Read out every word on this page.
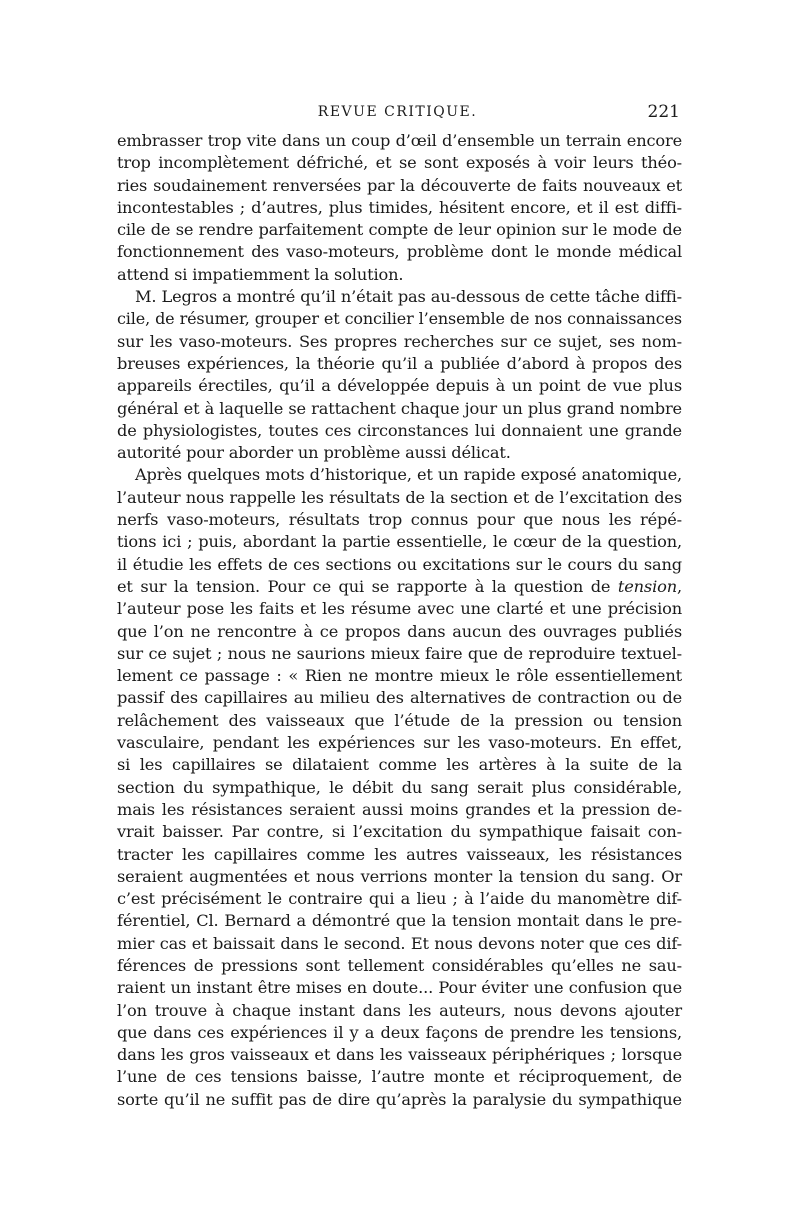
REVUE CRITIQUE.	221
embrasser trop vite dans un coup d’œil d’ensemble un terrain encore
trop incomplètement défriché, et se sont exposés à voir leurs théo-
ries soudainement renversées par la découverte de faits nouveaux et
incontestables ; d’autres, plus timides, hésitent encore, et il est diffi-
cile de se rendre parfaitement compte de leur opinion sur le mode de
fonctionnement des vaso-moteurs, problème dont le monde médical
attend si impatiemment la solution.
M. Legros a montré qu’il n’était pas au-dessous de cette tâche diffi-
cile, de résumer, grouper et concilier l’ensemble de nos connaissances
sur les vaso-moteurs. Ses propres recherches sur ce sujet, ses nom-
breuses expériences, la théorie qu’il a publiée d’abord à propos des
appareils érectiles, qu’il a développée depuis à un point de vue plus
général et à laquelle se rattachent chaque jour un plus grand nombre
de physiologistes, toutes ces circonstances lui donnaient une grande
autorité pour aborder un problème aussi délicat.
Après quelques mots d’historique, et un rapide exposé anatomique,
l’auteur nous rappelle les résultats de la section et de l’excitation des
nerfs vaso-moteurs, résultats trop connus pour que nous les répé-
tions ici ; puis, abordant la partie essentielle, le cœur de la question,
il étudie les effets de ces sections ou excitations sur le cours du sang
et sur la tension. Pour ce qui se rapporte à la question de tension,
l’auteur pose les faits et les résume avec une clarté et une précision
que l’on ne rencontre à ce propos dans aucun des ouvrages publiés
sur ce sujet ; nous ne saurions mieux faire que de reproduire textuel-
lement ce passage : « Rien ne montre mieux le rôle essentiellement
passif des capillaires au milieu des alternatives de contraction ou de
relâchement des vaisseaux que l’étude de la pression ou tension
vasculaire, pendant les expériences sur les vaso-moteurs. En effet,
si les capillaires se dilataient comme les artères à la suite de la
section du sympathique, le débit du sang serait plus considérable,
mais les résistances seraient aussi moins grandes et la pression de-
vrait baisser. Par contre, si l’excitation du sympathique faisait con-
tracter les capillaires comme les autres vaisseaux, les résistances
seraient augmentées et nous verrions monter la tension du sang. Or
c’est précisément le contraire qui a lieu ; à l’aide du manomètre dif-
férentiel, Cl. Bernard a démontré que la tension montait dans le pre-
mier cas et baissait dans le second. Et nous devons noter que ces dif-
férences de pressions sont tellement considérables qu’elles ne sau-
raient un instant être mises en doute... Pour éviter une confusion que
l’on trouve à chaque instant dans les auteurs, nous devons ajouter
que dans ces expériences il y a deux façons de prendre les tensions,
dans les gros vaisseaux et dans les vaisseaux périphériques ; lorsque
l’une de ces tensions baisse, l’autre monte et réciproquement, de
sorte qu’il ne suffit pas de dire qu’après la paralysie du sympathique
